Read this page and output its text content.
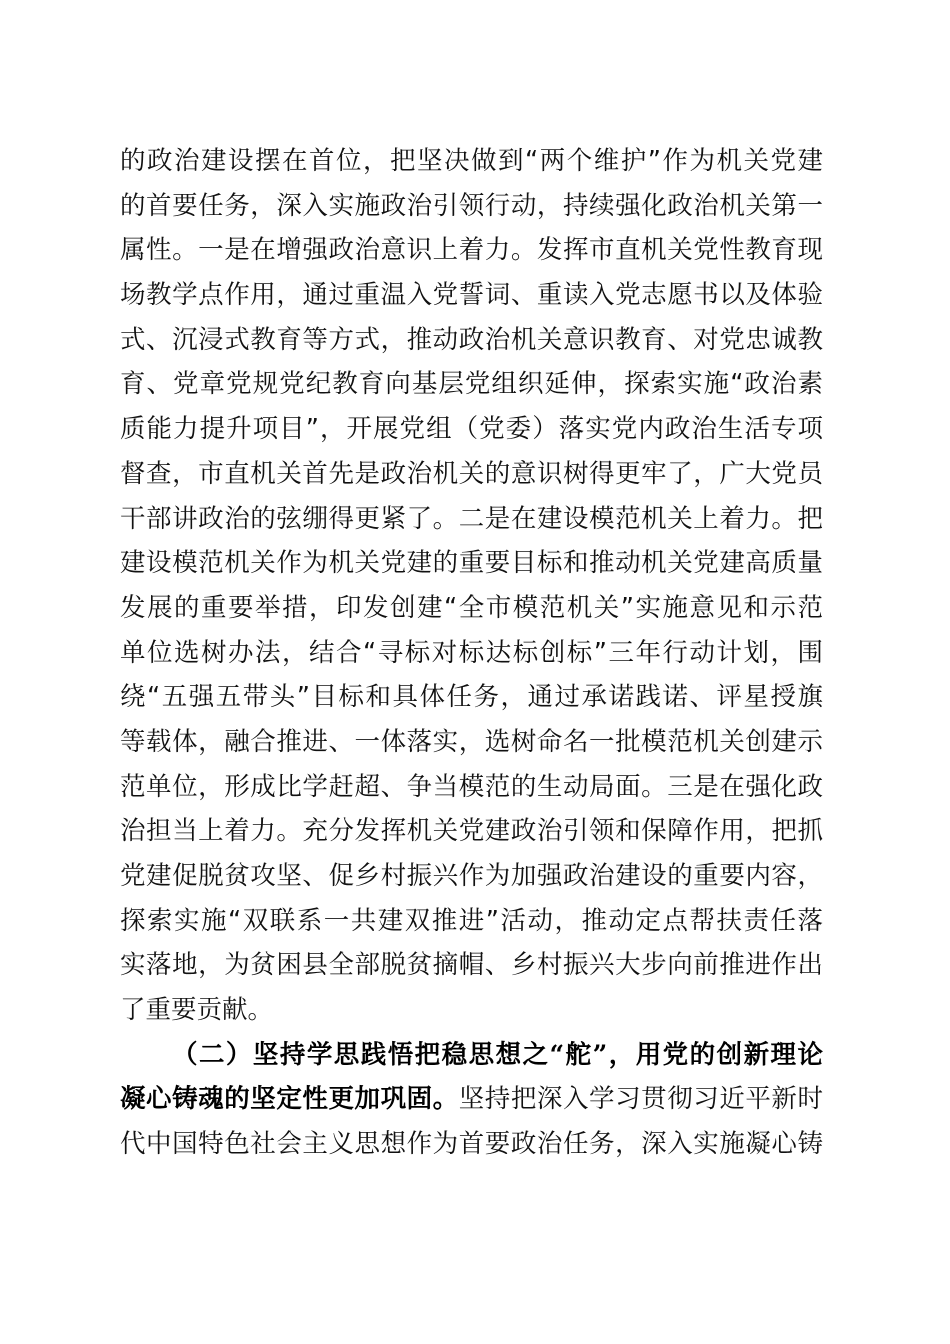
的政治建设摆在首位，把坚决做到“两个维护”作为机关党建
的首要任务，深入实施政治引领行动，持续强化政治机关第一
属性。一是在增强政治意识上着力。发挥市直机关党性教育现
场教学点作用，通过重温入党誓词、重读入党志愿书以及体验
式、沉浸式教育等方式，推动政治机关意识教育、对党忠诚教
育、党章党规党纪教育向基层党组织延伸，探索实施“政治素
质能力提升项目”，开展党组（党委）落实党内政治生活专项
督查，市直机关首先是政治机关的意识树得更牢了，广大党员
干部讲政治的弦绷得更紧了。二是在建设模范机关上着力。把
建设模范机关作为机关党建的重要目标和推动机关党建高质量
发展的重要举措，印发创建“全市模范机关”实施意见和示范
单位选树办法，结合“寻标对标达标创标”三年行动计划，围
绕“五强五带头”目标和具体任务，通过承诺践诺、评星授旗
等载体，融合推进、一体落实，选树命名一批模范机关创建示
范单位，形成比学赶超、争当模范的生动局面。三是在强化政
治担当上着力。充分发挥机关党建政治引领和保障作用，把抓
党建促脱贫攻坚、促乡村振兴作为加强政治建设的重要内容，
探索实施“双联系一共建双推进”活动，推动定点帮扶责任落
实落地，为贫困县全部脱贫摘帽、乡村振兴大步向前推进作出
了重要贡献。
（二）坚持学思践悟把稳思想之“舵”，用党的创新理论
凝心铸魂的坚定性更加巩固。坚持把深入学习贯彻习近平新时
代中国特色社会主义思想作为首要政治任务，深入实施凝心铸
